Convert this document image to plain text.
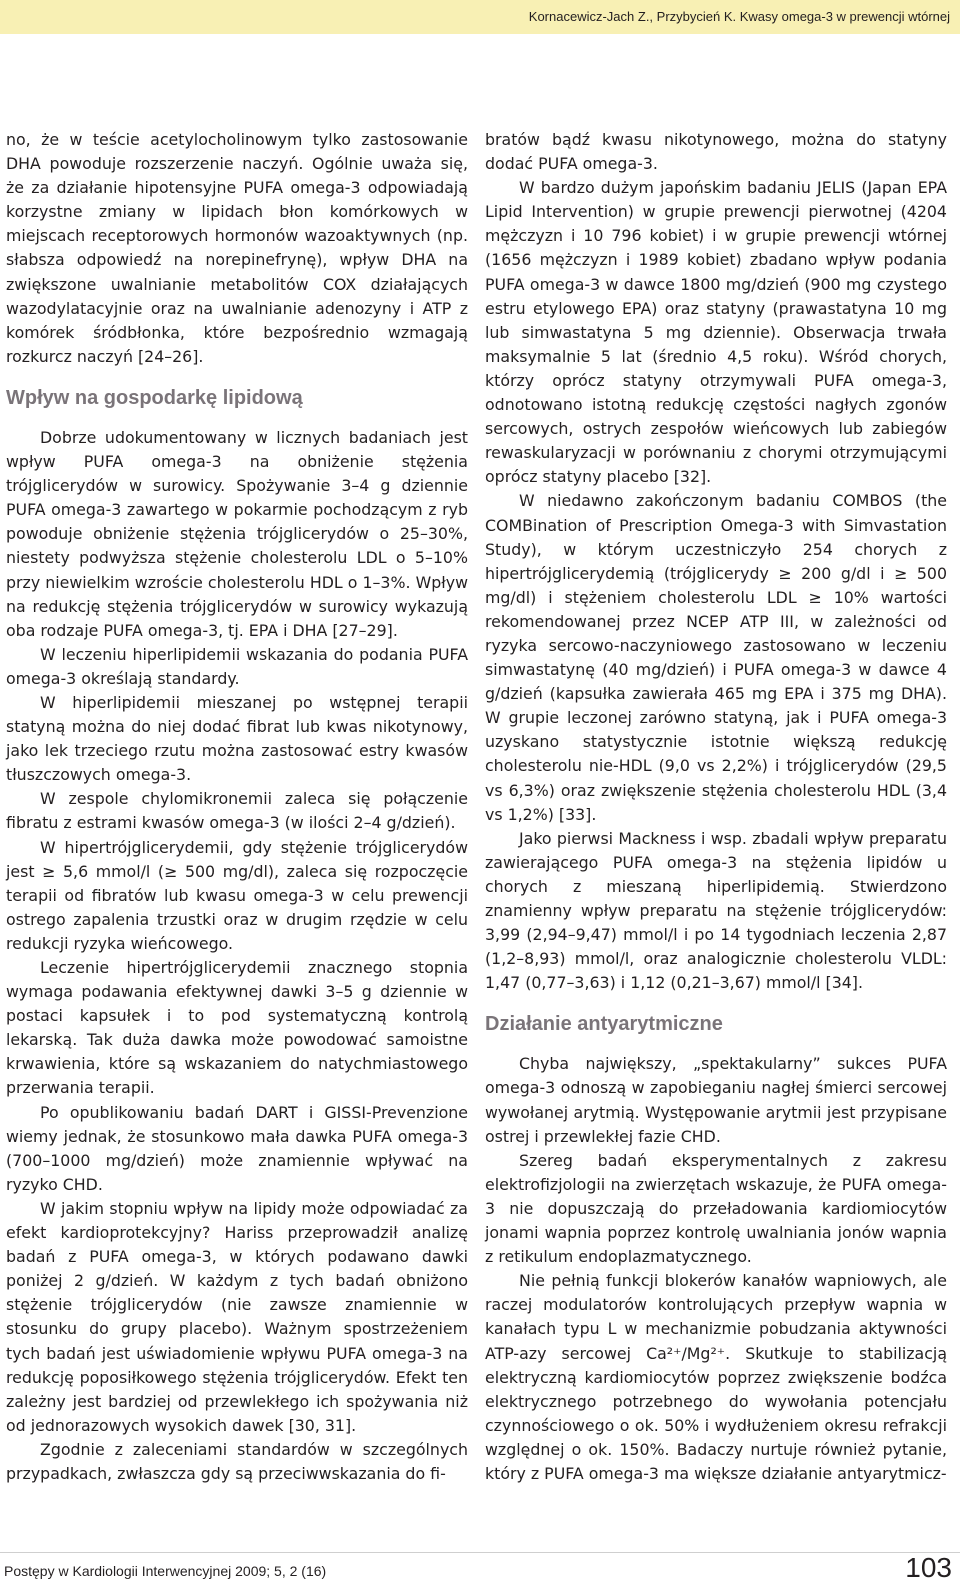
Kornacewicz-Jach Z., Przybycień K. Kwasy omega-3 w prewencji wtórnej

no, że w teście acetylocholinowym tylko zastosowanie DHA powoduje rozszerzenie naczyń. Ogólnie uważa się, że za działanie hipotensyjne PUFA omega-3 odpowiadają korzystne zmiany w lipidach błon komórkowych w miejscach receptorowych hormonów wazoaktywnych (np. słabsza odpowiedź na norepinefrynę), wpływ DHA na zwiększone uwalnianie metabolitów COX działających wazodylatacyjnie oraz na uwalnianie adenozyny i ATP z komórek śródbłonka, które bezpośrednio wzmagają rozkurcz naczyń [24–26].

Wpływ na gospodarkę lipidową

Dobrze udokumentowany w licznych badaniach jest wpływ PUFA omega-3 na obniżenie stężenia trójglicerydów w surowicy. Spożywanie 3–4 g dziennie PUFA omega-3 zawartego w pokarmie pochodzącym z ryb powoduje obniżenie stężenia trójglicerydów o 25–30%, niestety podwyższa stężenie cholesterolu LDL o 5–10% przy niewielkim wzroście cholesterolu HDL o 1–3%. Wpływ na redukcję stężenia trójglicerydów w surowicy wykazują oba rodzaje PUFA omega-3, tj. EPA i DHA [27–29].

W leczeniu hiperlipidemii wskazania do podania PUFA omega-3 określają standardy.

W hiperlipidemii mieszanej po wstępnej terapii statyną można do niej dodać fibrat lub kwas nikotynowy, jako lek trzeciego rzutu można zastosować estry kwasów tłuszczowych omega-3.

W zespole chylomikronemii zaleca się połączenie fibratu z estrami kwasów omega-3 (w ilości 2–4 g/dzień).

W hipertrójglicerydemii, gdy stężenie trójglicerydów jest ≥ 5,6 mmol/l (≥ 500 mg/dl), zaleca się rozpoczęcie terapii od fibratów lub kwasu omega-3 w celu prewencji ostrego zapalenia trzustki oraz w drugim rzędzie w celu redukcji ryzyka wieńcowego.

Leczenie hipertrójglicerydemii znacznego stopnia wymaga podawania efektywnej dawki 3–5 g dziennie w postaci kapsułek i to pod systematyczną kontrolą lekarską. Tak duża dawka może powodować samoistne krwawienia, które są wskazaniem do natychmiastowego przerwania terapii.

Po opublikowaniu badań DART i GISSI-Prevenzione wiemy jednak, że stosunkowo mała dawka PUFA omega-3 (700–1000 mg/dzień) może znamiennie wpływać na ryzyko CHD.

W jakim stopniu wpływ na lipidy może odpowiadać za efekt kardioprotekcyjny? Hariss przeprowadził analizę badań z PUFA omega-3, w których podawano dawki poniżej 2 g/dzień. W każdym z tych badań obniżono stężenie trójglicerydów (nie zawsze znamiennie w stosunku do grupy placebo). Ważnym spostrzeżeniem tych badań jest uświadomienie wpływu PUFA omega-3 na redukcję poposiłkowego stężenia trójglicerydów. Efekt ten zależny jest bardziej od przewlekłego ich spożywania niż od jednorazowych wysokich dawek [30, 31].

Zgodnie z zaleceniami standardów w szczególnych przypadkach, zwłaszcza gdy są przeciwwskazania do fi-

bratów bądź kwasu nikotynowego, można do statyny dodać PUFA omega-3.

W bardzo dużym japońskim badaniu JELIS (Japan EPA Lipid Intervention) w grupie prewencji pierwotnej (4204 mężczyzn i 10 796 kobiet) i w grupie prewencji wtórnej (1656 mężczyzn i 1989 kobiet) zbadano wpływ podania PUFA omega-3 w dawce 1800 mg/dzień (900 mg czystego estru etylowego EPA) oraz statyny (prawastatyna 10 mg lub simwastatyna 5 mg dziennie). Obserwacja trwała maksymalnie 5 lat (średnio 4,5 roku). Wśród chorych, którzy oprócz statyny otrzymywali PUFA omega-3, odnotowano istotną redukcję częstości nagłych zgonów sercowych, ostrych zespołów wieńcowych lub zabiegów rewaskularyzacji w porównaniu z chorymi otrzymującymi oprócz statyny placebo [32].

W niedawno zakończonym badaniu COMBOS (the COMBination of Prescription Omega-3 with Simvastation Study), w którym uczestniczyło 254 chorych z hipertrójglicerydemią (trójglicerydy ≥ 200 g/dl i ≥ 500 mg/dl) i stężeniem cholesterolu LDL ≥ 10% wartości rekomendowanej przez NCEP ATP III, w zależności od ryzyka sercowo-naczyniowego zastosowano w leczeniu simwastatynę (40 mg/dzień) i PUFA omega-3 w dawce 4 g/dzień (kapsułka zawierała 465 mg EPA i 375 mg DHA). W grupie leczonej zarówno statyną, jak i PUFA omega-3 uzyskano statystycznie istotnie większą redukcję cholesterolu nie-HDL (9,0 vs 2,2%) i trójglicerydów (29,5 vs 6,3%) oraz zwiększenie stężenia cholesterolu HDL (3,4 vs 1,2%) [33].

Jako pierwsi Mackness i wsp. zbadali wpływ preparatu zawierającego PUFA omega-3 na stężenia lipidów u chorych z mieszaną hiperlipidemią. Stwierdzono znamienny wpływ preparatu na stężenie trójglicerydów: 3,99 (2,94–9,47) mmol/l i po 14 tygodniach leczenia 2,87 (1,2–8,93) mmol/l, oraz analogicznie cholesterolu VLDL: 1,47 (0,77–3,63) i 1,12 (0,21–3,67) mmol/l [34].

Działanie antyarytmiczne

Chyba największy, „spektakularny” sukces PUFA omega-3 odnoszą w zapobieganiu nagłej śmierci sercowej wywołanej arytmią. Występowanie arytmii jest przypisane ostrej i przewlekłej fazie CHD.

Szereg badań eksperymentalnych z zakresu elektrofizjologii na zwierzętach wskazuje, że PUFA omega-3 nie dopuszczają do przeładowania kardiomiocytów jonami wapnia poprzez kontrolę uwalniania jonów wapnia z retikulum endoplazmatycznego.

Nie pełnią funkcji blokerów kanałów wapniowych, ale raczej modulatorów kontrolujących przepływ wapnia w kanałach typu L w mechanizmie pobudzania aktywności ATP-azy sercowej Ca²⁺/Mg²⁺. Skutkuje to stabilizacją elektryczną kardiomiocytów poprzez zwiększenie bodźca elektrycznego potrzebnego do wywołania potencjału czynnościowego o ok. 50% i wydłużeniem okresu refrakcji względnej o ok. 150%. Badaczy nurtuje również pytanie, który z PUFA omega-3 ma większe działanie antyarytmicz-

Postępy w Kardiologii Interwencyjnej 2009; 5, 2 (16)	103
